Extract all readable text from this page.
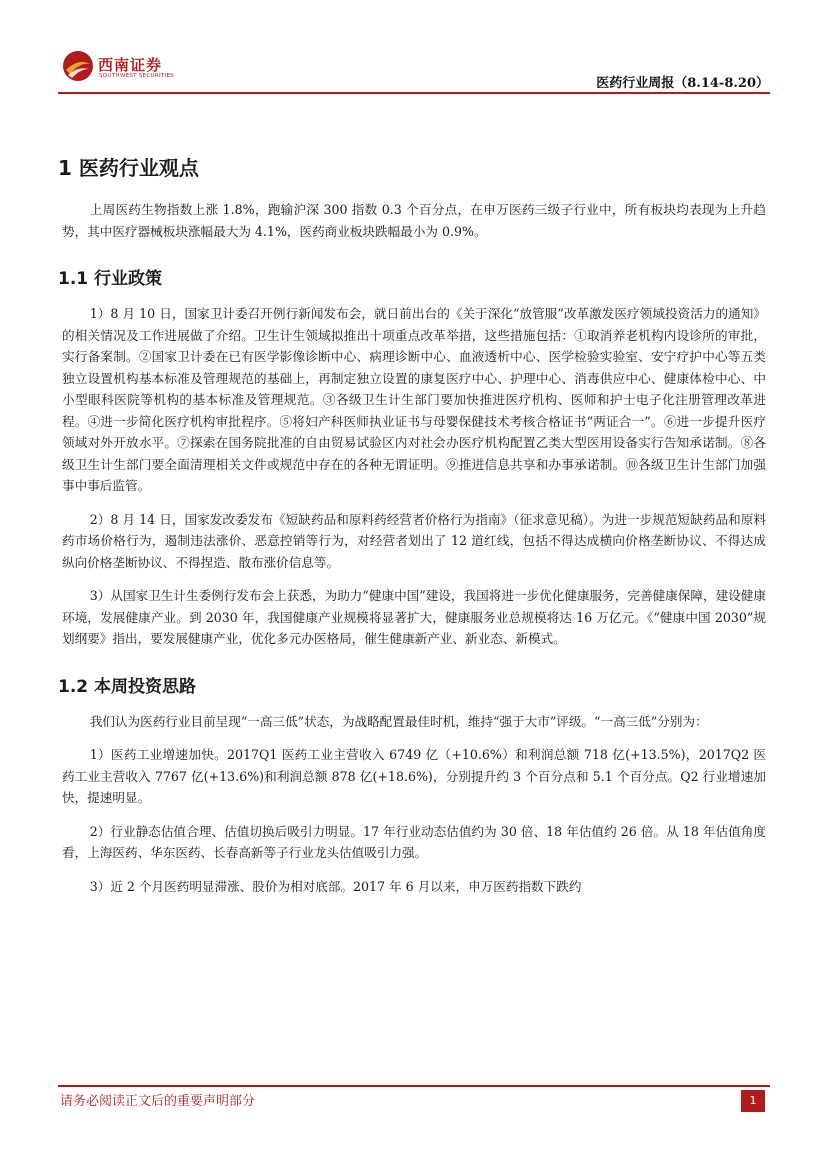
西南证券
SOUTHWEST SECURITIES	医药行业周报（8.14-8.20）
1 医药行业观点

上周医药生物指数上涨 1.8%，跑输沪深 300 指数 0.3 个百分点，在申万医药三级子行业中，所有板块均表现为上升趋势，其中医疗器械板块涨幅最大为 4.1%，医药商业板块跌幅最小为 0.9%。

1.1 行业政策

1）8 月 10 日，国家卫计委召开例行新闻发布会，就日前出台的《关于深化“放管服”改革激发医疗领域投资活力的通知》的相关情况及工作进展做了介绍。卫生计生领域拟推出十项重点改革举措，这些措施包括：①取消养老机构内设诊所的审批，实行备案制。②国家卫计委在已有医学影像诊断中心、病理诊断中心、血液透析中心、医学检验实验室、安宁疗护中心等五类独立设置机构基本标准及管理规范的基础上，再制定独立设置的康复医疗中心、护理中心、消毒供应中心、健康体检中心、中小型眼科医院等机构的基本标准及管理规范。③各级卫生计生部门要加快推进医疗机构、医师和护士电子化注册管理改革进程。④进一步简化医疗机构审批程序。⑤将妇产科医师执业证书与母婴保健技术考核合格证书“两证合一”。⑥进一步提升医疗领域对外开放水平。⑦探索在国务院批准的自由贸易试验区内对社会办医疗机构配置乙类大型医用设备实行告知承诺制。⑧各级卫生计生部门要全面清理相关文件或规范中存在的各种无谓证明。⑨推进信息共享和办事承诺制。⑩各级卫生计生部门加强事中事后监管。

2）8 月 14 日，国家发改委发布《短缺药品和原料药经营者价格行为指南》（征求意见稿）。为进一步规范短缺药品和原料药市场价格行为，遏制违法涨价、恶意控销等行为，对经营者划出了 12 道红线，包括不得达成横向价格垄断协议、不得达成纵向价格垄断协议、不得捏造、散布涨价信息等。

3）从国家卫生计生委例行发布会上获悉，为助力“健康中国”建设，我国将进一步优化健康服务，完善健康保障，建设健康环境，发展健康产业。到 2030 年，我国健康产业规模将显著扩大，健康服务业总规模将达 16 万亿元。《“健康中国 2030”规划纲要》指出，要发展健康产业，优化多元办医格局，催生健康新产业、新业态、新模式。

1.2 本周投资思路

我们认为医药行业目前呈现“一高三低”状态，为战略配置最佳时机，维持“强于大市”评级。“一高三低”分别为：

1）医药工业增速加快。2017Q1 医药工业主营收入 6749 亿（+10.6%）和利润总额 718 亿(+13.5%)，2017Q2 医药工业主营收入 7767 亿(+13.6%)和利润总额 878 亿(+18.6%)，分别提升约 3 个百分点和 5.1 个百分点。Q2 行业增速加快，提速明显。

2）行业静态估值合理、估值切换后吸引力明显。17 年行业动态估值约为 30 倍、18 年估值约 26 倍。从 18 年估值角度看，上海医药、华东医药、长春高新等子行业龙头估值吸引力强。

3）近 2 个月医药明显滞涨、股价为相对底部。2017 年 6 月以来，申万医药指数下跌约

请务必阅读正文后的重要声明部分	1
